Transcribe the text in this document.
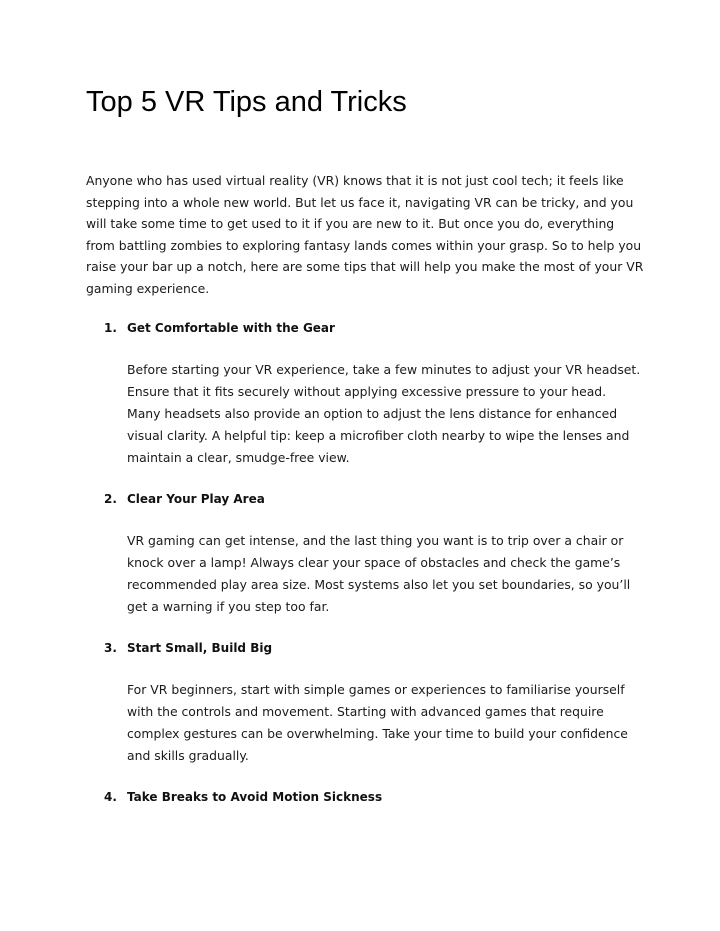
Top 5 VR Tips and Tricks

Anyone who has used virtual reality (VR) knows that it is not just cool tech; it feels like stepping into a whole new world. But let us face it, navigating VR can be tricky, and you will take some time to get used to it if you are new to it. But once you do, everything from battling zombies to exploring fantasy lands comes within your grasp. So to help you raise your bar up a notch, here are some tips that will help you make the most of your VR gaming experience.

1. Get Comfortable with the Gear

Before starting your VR experience, take a few minutes to adjust your VR headset. Ensure that it fits securely without applying excessive pressure to your head. Many headsets also provide an option to adjust the lens distance for enhanced visual clarity. A helpful tip: keep a microfiber cloth nearby to wipe the lenses and maintain a clear, smudge-free view.

2. Clear Your Play Area

VR gaming can get intense, and the last thing you want is to trip over a chair or knock over a lamp! Always clear your space of obstacles and check the game’s recommended play area size. Most systems also let you set boundaries, so you’ll get a warning if you step too far.

3. Start Small, Build Big

For VR beginners, start with simple games or experiences to familiarise yourself with the controls and movement. Starting with advanced games that require complex gestures can be overwhelming. Take your time to build your confidence and skills gradually.

4. Take Breaks to Avoid Motion Sickness
